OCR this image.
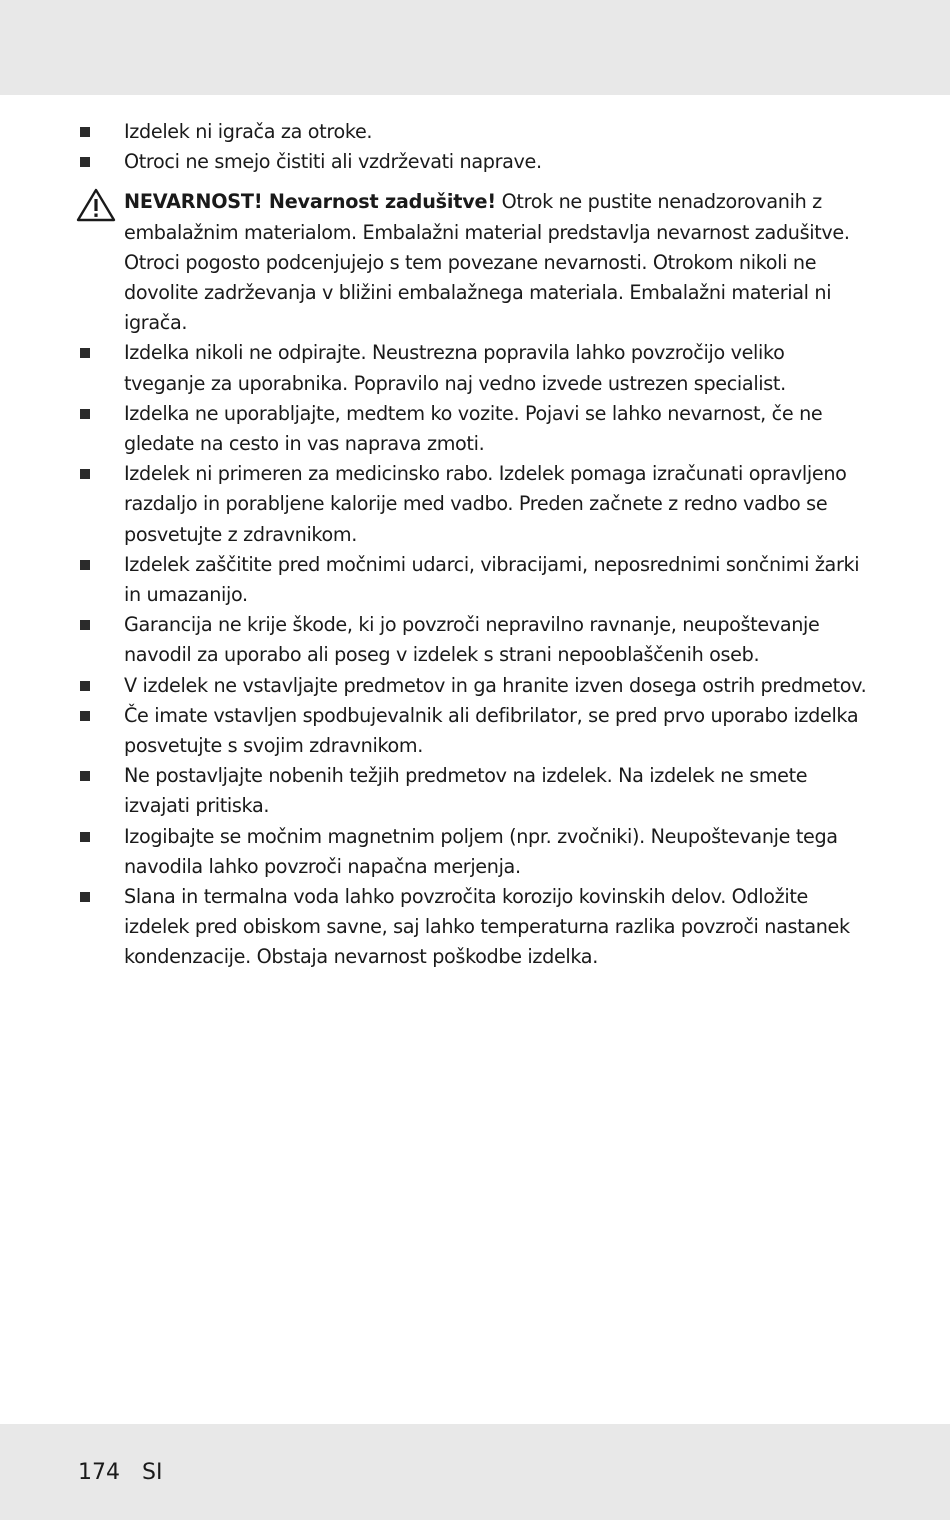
Izdelek ni igrača za otroke.
Otroci ne smejo čistiti ali vzdrževati naprave.
NEVARNOST! Nevarnost zadušitve! Otrok ne pustite nenadzorovanih z embalažnim materialom. Embalažni material predstavlja nevarnost zadušitve. Otroci pogosto podcenjujejo s tem povezane nevarnosti. Otrokom nikoli ne dovolite zadrževanja v bližini embalažnega materiala. Embalažni material ni igrača.
Izdelka nikoli ne odpirajte. Neustrezna popravila lahko povzročijo veliko tveganje za uporabnika. Popravilo naj vedno izvede ustrezen specialist.
Izdelka ne uporabljajte, medtem ko vozite. Pojavi se lahko nevarnost, če ne gledate na cesto in vas naprava zmoti.
Izdelek ni primeren za medicinsko rabo. Izdelek pomaga izračunati opravljeno razdaljo in porabljene kalorije med vadbo. Preden začnete z redno vadbo se posvetujte z zdravnikom.
Izdelek zaščitite pred močnimi udarci, vibracijami, neposrednimi sončnimi žarki in umazanijo.
Garancija ne krije škode, ki jo povzroči nepravilno ravnanje, neupoštevanje navodil za uporabo ali poseg v izdelek s strani nepooblaščenih oseb.
V izdelek ne vstavljajte predmetov in ga hranite izven dosega ostrih predmetov.
Če imate vstavljen spodbujevalnik ali defibrilator, se pred prvo uporabo izdelka posvetujte s svojim zdravnikom.
Ne postavljajte nobenih težjih predmetov na izdelek. Na izdelek ne smete izvajati pritiska.
Izogibajte se močnim magnetnim poljem (npr. zvočniki). Neupoštevanje tega navodila lahko povzroči napačna merjenja.
Slana in termalna voda lahko povzročita korozijo kovinskih delov. Odložite izdelek pred obiskom savne, saj lahko temperaturna razlika povzroči nastanek kondenzacije. Obstaja nevarnost poškodbe izdelka.
174 SI
